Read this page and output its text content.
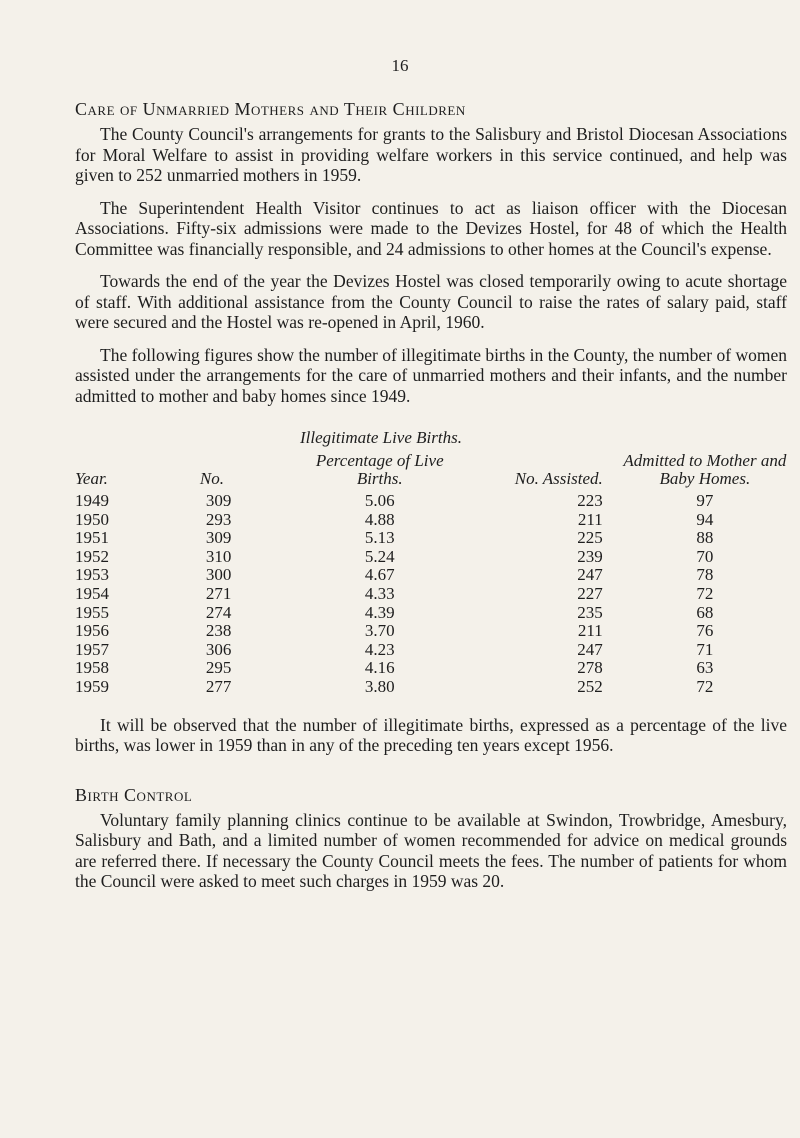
16
Care of Unmarried Mothers and Their Children
The County Council's arrangements for grants to the Salisbury and Bristol Diocesan Associations for Moral Welfare to assist in providing welfare workers in this service continued, and help was given to 252 unmarried mothers in 1959.
The Superintendent Health Visitor continues to act as liaison officer with the Diocesan Associations. Fifty-six admissions were made to the Devizes Hostel, for 48 of which the Health Committee was financially responsible, and 24 admissions to other homes at the Council's expense.
Towards the end of the year the Devizes Hostel was closed temporarily owing to acute shortage of staff. With additional assistance from the County Council to raise the rates of salary paid, staff were secured and the Hostel was re-opened in April, 1960.
The following figures show the number of illegitimate births in the County, the number of women assisted under the arrangements for the care of unmarried mothers and their infants, and the number admitted to mother and baby homes since 1949.
Illegitimate Live Births.
Year.	No.	Percentage of Live Births.	No. Assisted.	Admitted to Mother and Baby Homes.
1949	309	5.06	223	97
1950	293	4.88	211	94
1951	309	5.13	225	88
1952	310	5.24	239	70
1953	300	4.67	247	78
1954	271	4.33	227	72
1955	274	4.39	235	68
1956	238	3.70	211	76
1957	306	4.23	247	71
1958	295	4.16	278	63
1959	277	3.80	252	72
It will be observed that the number of illegitimate births, expressed as a percentage of the live births, was lower in 1959 than in any of the preceding ten years except 1956.
Birth Control
Voluntary family planning clinics continue to be available at Swindon, Trowbridge, Amesbury, Salisbury and Bath, and a limited number of women recommended for advice on medical grounds are referred there. If necessary the County Council meets the fees. The number of patients for whom the Council were asked to meet such charges in 1959 was 20.
